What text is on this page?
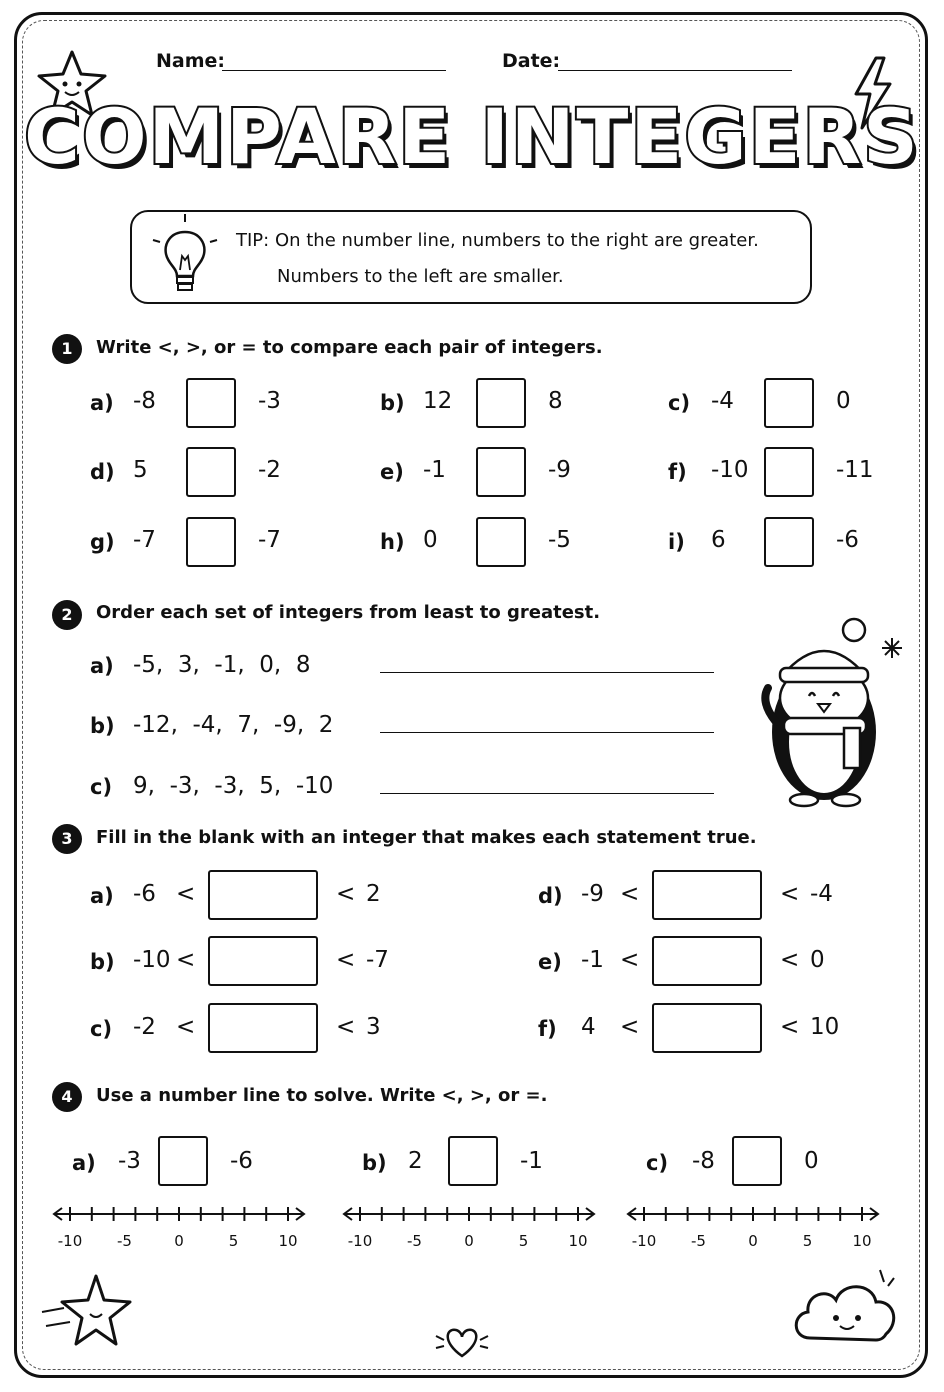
Name:	Date:
COMPARE INTEGERS
TIP: On the number line, numbers to the right are greater.
Numbers to the left are smaller.
1	Write <, >, or = to compare each pair of integers.
a) -8	-3	b) 12	8	c) -4	0
d) 5	-2	e) -1	-9	f) -10	-11
g) -7	-7	h) 0	-5	i) 6	-6
2	Order each set of integers from least to greatest.
a) -5,  3,  -1,  0,  8
b) -12,  -4,  7,  -9,  2
c) 9,  -3,  -3,  5,  -10
3	Fill in the blank with an integer that makes each statement true.
a) -6 <	< 2
b) -10 <	< -7
c) -2 <	< 3
d) -9 <	< -4
e) -1 <	< 0
f) 4 <	< 10
4	Use a number line to solve. Write <, >, or =.
a) -3	-6
-10	-5	0	5	10
b) 2	-1
-10	-5	0	5	10
c) -8	0
-10	-5	0	5	10
